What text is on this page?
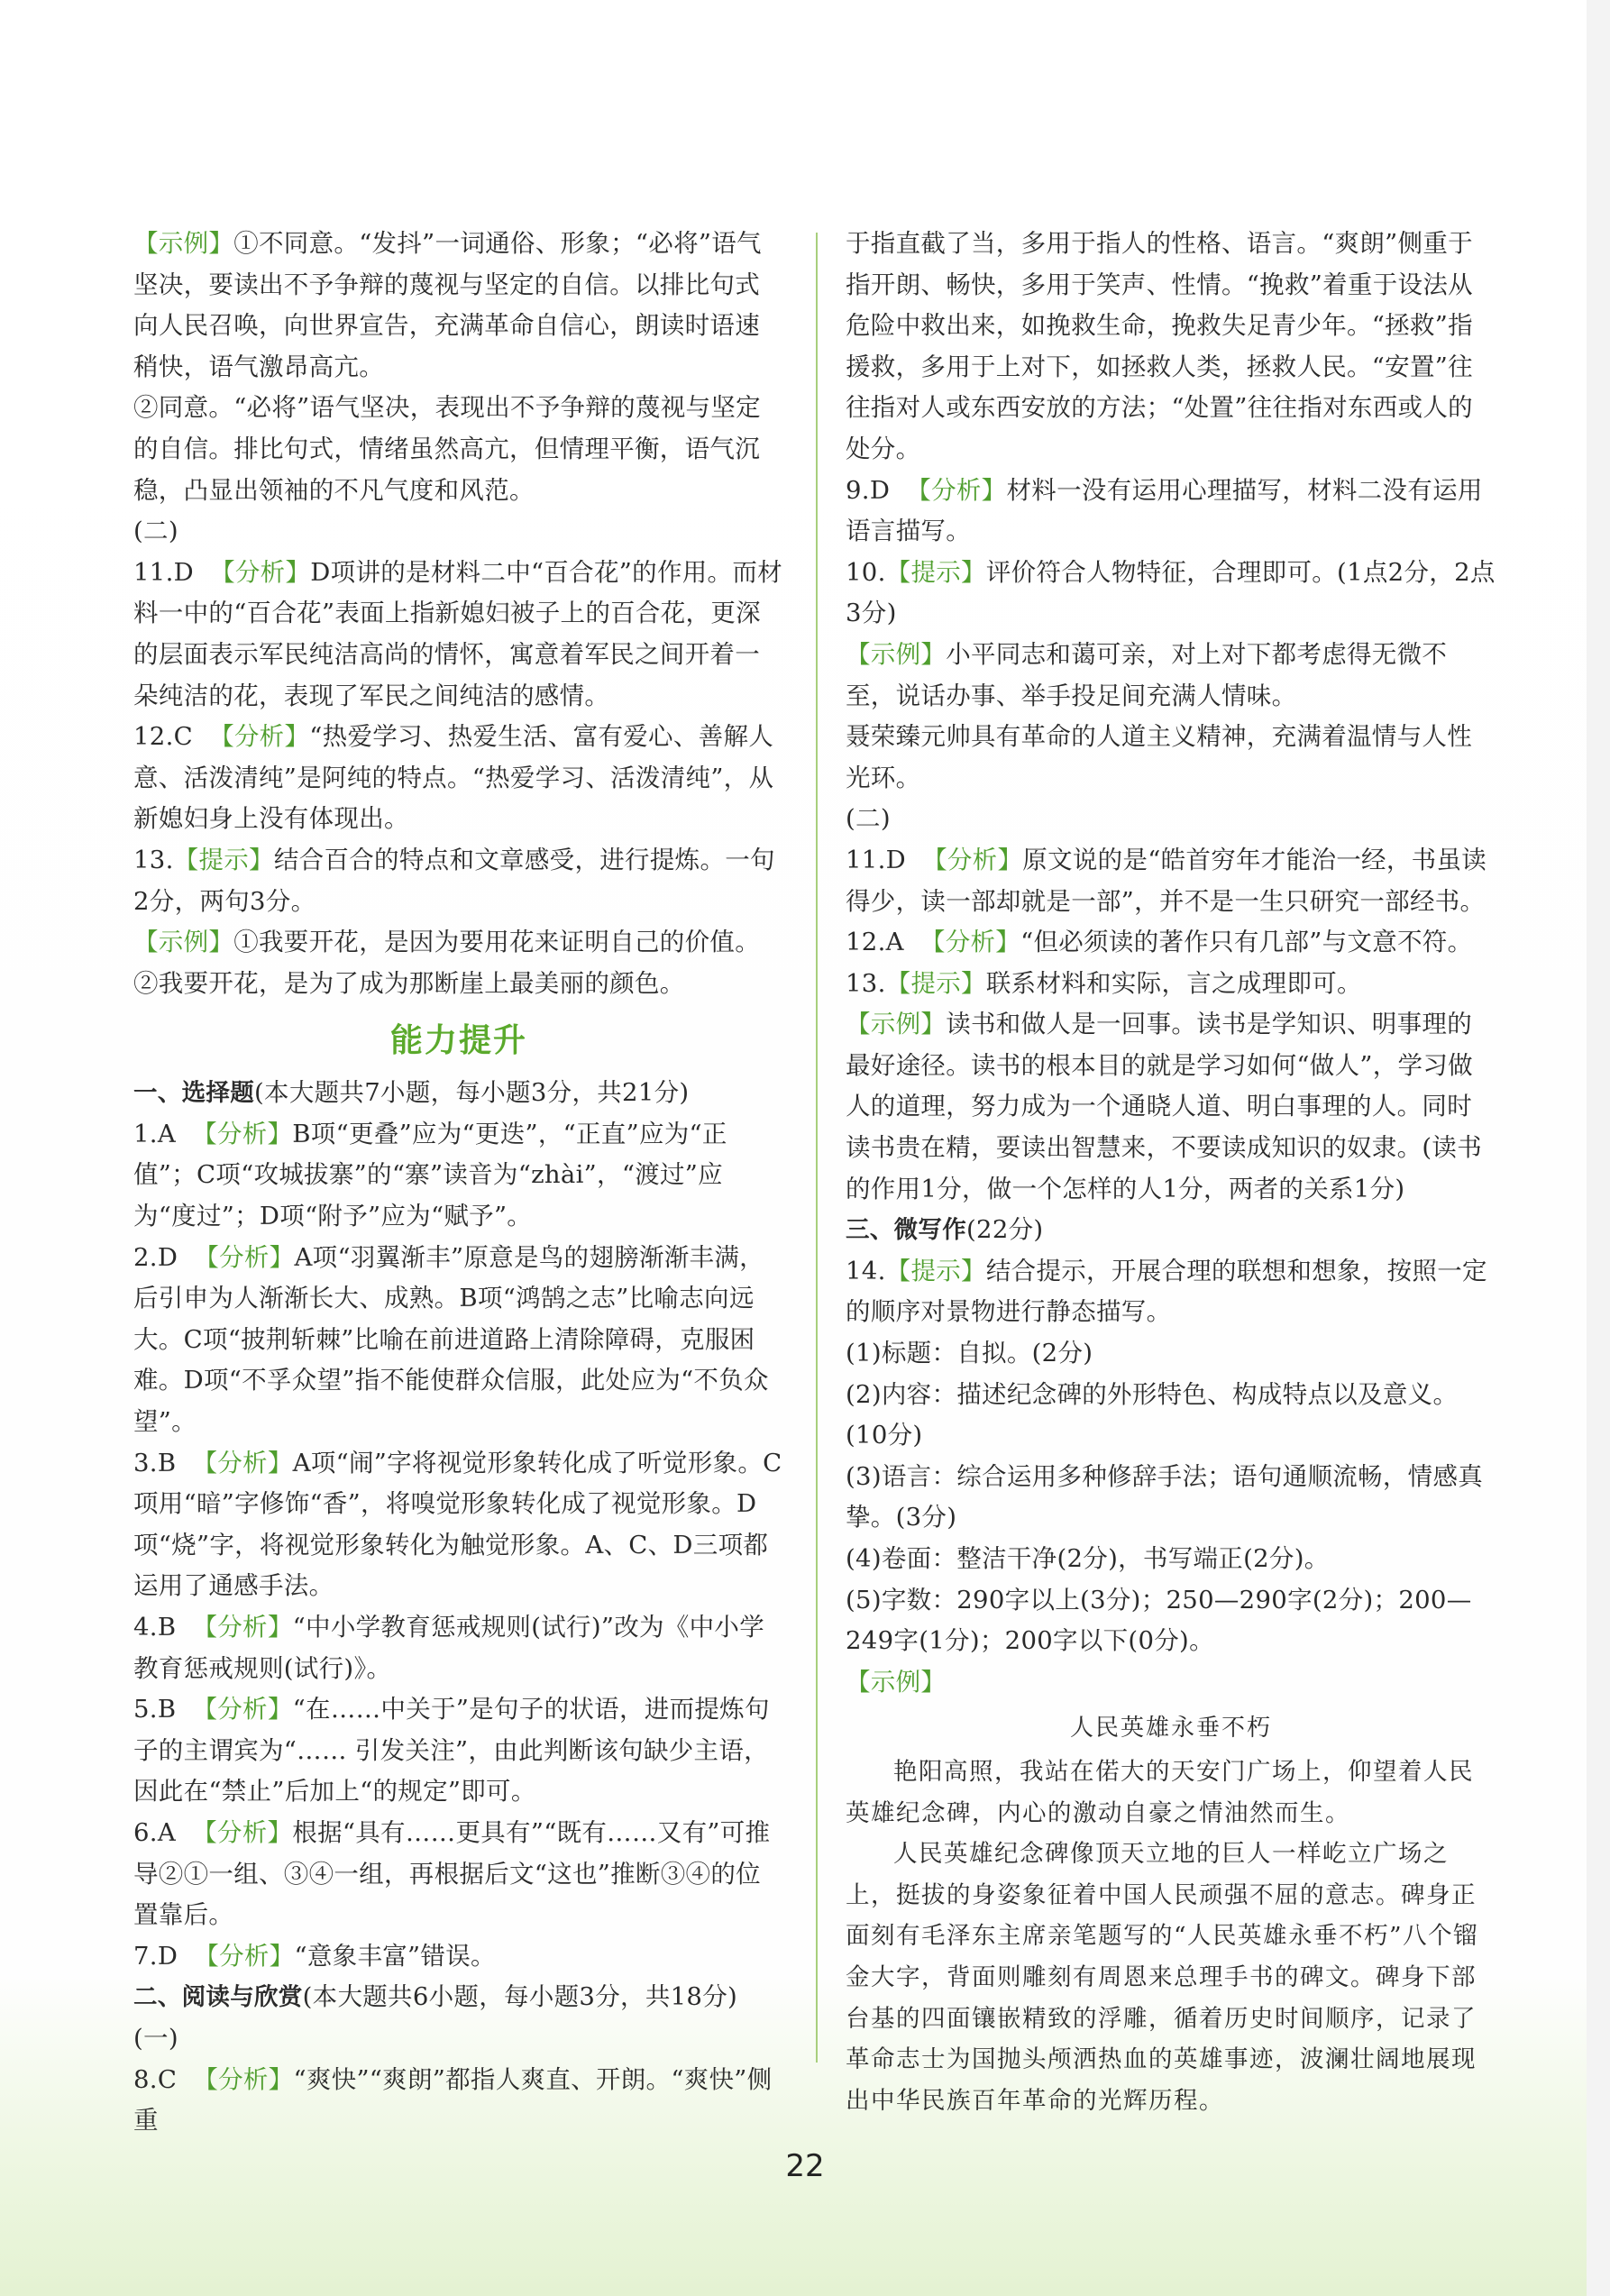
【示例】①不同意。“发抖”一词通俗、形象；“必将”语气坚决，要读出不予争辩的蔑视与坚定的自信。以排比句式向人民召唤，向世界宣告，充满革命自信心，朗读时语速稍快，语气激昂高亢。

②同意。“必将”语气坚决，表现出不予争辩的蔑视与坚定的自信。排比句式，情绪虽然高亢，但情理平衡，语气沉稳，凸显出领袖的不凡气度和风范。

(二)

11.D 【分析】D项讲的是材料二中“百合花”的作用。而材料一中的“百合花”表面上指新媳妇被子上的百合花，更深的层面表示军民纯洁高尚的情怀，寓意着军民之间开着一朵纯洁的花，表现了军民之间纯洁的感情。

12.C 【分析】“热爱学习、热爱生活、富有爱心、善解人意、活泼清纯”是阿纯的特点。“热爱学习、活泼清纯”，从新媳妇身上没有体现出。

13.【提示】结合百合的特点和文章感受，进行提炼。一句2分，两句3分。

【示例】①我要开花，是因为要用花来证明自己的价值。②我要开花，是为了成为那断崖上最美丽的颜色。

能力提升

一、选择题(本大题共7小题，每小题3分，共21分)

1.A 【分析】B项“更叠”应为“更迭”，“正直”应为“正值”；C项“攻城拔寨”的“寨”读音为“zhài”，“渡过”应为“度过”；D项“附予”应为“赋予”。

2.D 【分析】A项“羽翼渐丰”原意是鸟的翅膀渐渐丰满，后引申为人渐渐长大、成熟。B项“鸿鹄之志”比喻志向远大。C项“披荆斩棘”比喻在前进道路上清除障碍，克服困难。D项“不孚众望”指不能使群众信服，此处应为“不负众望”。

3.B 【分析】A项“闹”字将视觉形象转化成了听觉形象。C项用“暗”字修饰“香”，将嗅觉形象转化成了视觉形象。D项“烧”字，将视觉形象转化为触觉形象。A、C、D三项都运用了通感手法。

4.B 【分析】“中小学教育惩戒规则(试行)”改为《中小学教育惩戒规则(试行)》。

5.B 【分析】“在……中关于”是句子的状语，进而提炼句子的主谓宾为“…… 引发关注”，由此判断该句缺少主语，因此在“禁止”后加上“的规定”即可。

6.A 【分析】根据“具有……更具有”“既有……又有”可推导②①一组、③④一组，再根据后文“这也”推断③④的位置靠后。

7.D 【分析】“意象丰富”错误。

二、阅读与欣赏(本大题共6小题，每小题3分，共18分)

(一)

8.C 【分析】“爽快”“爽朗”都指人爽直、开朗。“爽快”侧重

于指直截了当，多用于指人的性格、语言。“爽朗”侧重于指开朗、畅快，多用于笑声、性情。“挽救”着重于设法从危险中救出来，如挽救生命，挽救失足青少年。“拯救”指援救，多用于上对下，如拯救人类，拯救人民。“安置”往往指对人或东西安放的方法；“处置”往往指对东西或人的处分。

9.D 【分析】材料一没有运用心理描写，材料二没有运用语言描写。

10.【提示】评价符合人物特征，合理即可。(1点2分，2点3分)

【示例】小平同志和蔼可亲，对上对下都考虑得无微不至，说话办事、举手投足间充满人情味。

聂荣臻元帅具有革命的人道主义精神，充满着温情与人性光环。

(二)

11.D 【分析】原文说的是“皓首穷年才能治一经，书虽读得少，读一部却就是一部”，并不是一生只研究一部经书。

12.A 【分析】“但必须读的著作只有几部”与文意不符。

13.【提示】联系材料和实际，言之成理即可。

【示例】读书和做人是一回事。读书是学知识、明事理的最好途径。读书的根本目的就是学习如何“做人”，学习做人的道理，努力成为一个通晓人道、明白事理的人。同时读书贵在精，要读出智慧来，不要读成知识的奴隶。(读书的作用1分，做一个怎样的人1分，两者的关系1分)

三、微写作(22分)

14.【提示】结合提示，开展合理的联想和想象，按照一定的顺序对景物进行静态描写。

(1)标题：自拟。(2分)

(2)内容：描述纪念碑的外形特色、构成特点以及意义。(10分)

(3)语言：综合运用多种修辞手法；语句通顺流畅，情感真挚。(3分)

(4)卷面：整洁干净(2分)，书写端正(2分)。

(5)字数：290字以上(3分)；250—290字(2分)；200—249字(1分)；200字以下(0分)。

【示例】

人民英雄永垂不朽

艳阳高照，我站在偌大的天安门广场上，仰望着人民英雄纪念碑，内心的激动自豪之情油然而生。

人民英雄纪念碑像顶天立地的巨人一样屹立广场之上，挺拔的身姿象征着中国人民顽强不屈的意志。碑身正面刻有毛泽东主席亲笔题写的“人民英雄永垂不朽”八个镏金大字，背面则雕刻有周恩来总理手书的碑文。碑身下部台基的四面镶嵌精致的浮雕，循着历史时间顺序，记录了革命志士为国抛头颅洒热血的英雄事迹，波澜壮阔地展现出中华民族百年革命的光辉历程。

22
